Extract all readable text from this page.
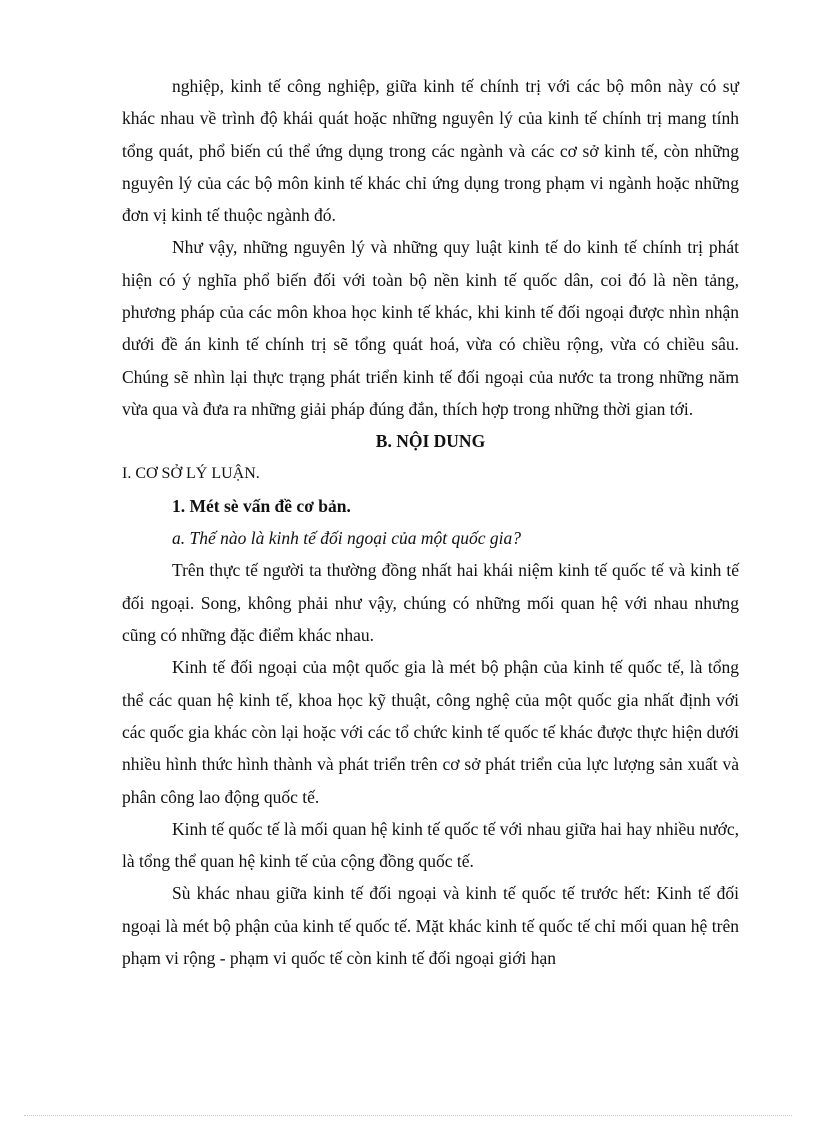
nghiệp, kinh tế công nghiệp, giữa kinh tế chính trị với các bộ môn này có sự khác nhau về trình độ khái quát hoặc những nguyên lý của kinh tế chính trị mang tính tổng quát, phổ biến cú thể ứng dụng trong các ngành và các cơ sở kinh tế, còn những nguyên lý của các bộ môn kinh tế khác chỉ ứng dụng trong phạm vi ngành hoặc những đơn vị kinh tế thuộc ngành đó.

Như vậy, những nguyên lý và những quy luật kinh tế do kinh tế chính trị phát hiện có ý nghĩa phổ biến đối với toàn bộ nền kinh tế quốc dân, coi đó là nền tảng, phương pháp của các môn khoa học kinh tế khác, khi kinh tế đối ngoại được nhìn nhận dưới đề án kinh tế chính trị sẽ tổng quát hoá, vừa có chiều rộng, vừa có chiều sâu. Chúng sẽ nhìn lại thực trạng phát triển kinh tế đối ngoại của nước ta trong những năm vừa qua và đưa ra những giải pháp đúng đắn, thích hợp trong những thời gian tới.

B. NỘI DUNG

I. CƠ SỞ LÝ LUẬN.

1. Mét sè vấn đề cơ bản.

a. Thế nào là kinh tế đối ngoại của một quốc gia?

Trên thực tế người ta thường đồng nhất hai khái niệm kinh tế quốc tế và kinh tế đối ngoại. Song, không phải như vậy, chúng có những mối quan hệ với nhau nhưng cũng có những đặc điểm khác nhau.

Kinh tế đối ngoại của một quốc gia là mét bộ phận của kinh tế quốc tế, là tổng thể các quan hệ kinh tế, khoa học kỹ thuật, công nghệ của một quốc gia nhất định với các quốc gia khác còn lại hoặc với các tổ chức kinh tế quốc tế khác được thực hiện dưới nhiều hình thức hình thành và phát triển trên cơ sở phát triển của lực lượng sản xuất và phân công lao động quốc tế.

Kinh tế quốc tế là mối quan hệ kinh tế quốc tế với nhau giữa hai hay nhiều nước, là tổng thể quan hệ kinh tế của cộng đồng quốc tế.

Sù khác nhau giữa kinh tế đối ngoại và kinh tế quốc tế trước hết: Kinh tế đối ngoại là mét bộ phận của kinh tế quốc tế. Mặt khác kinh tế quốc tế chỉ mối quan hệ trên phạm vi rộng - phạm vi quốc tế còn kinh tế đối ngoại giới hạn
